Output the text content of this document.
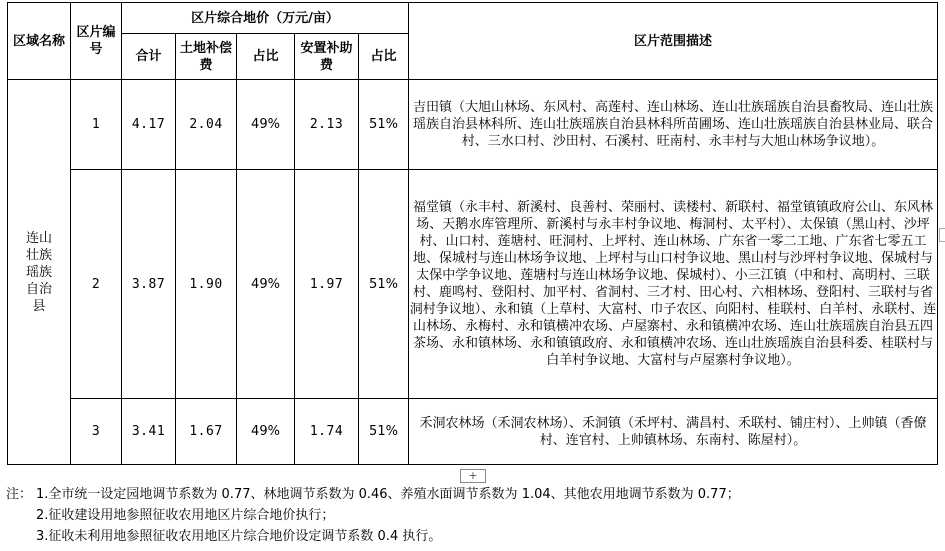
区域名称	区片编号	区片综合地价（万元/亩）					区片范围描述
		合计	土地补偿费	占比	安置补助费	占比	
连山壮族瑶族自治县	1	4.17	2.04	49%	2.13	51%	吉田镇（大旭山林场、东风村、高莲村、连山林场、连山壮族瑶族自治县畜牧局、连山壮族瑶族自治县林科所、连山壮族瑶族自治县林科所苗圃场、连山壮族瑶族自治县林业局、联合村、三水口村、沙田村、石溪村、旺南村、永丰村与大旭山林场争议地）。
	2	3.87	1.90	49%	1.97	51%	福堂镇（永丰村、新溪村、良善村、荣丽村、读楼村、新联村、福堂镇镇政府公山、东风林场、天鹅水库管理所、新溪村与永丰村争议地、梅洞村、太平村）、太保镇（黑山村、沙坪村、山口村、莲塘村、旺洞村、上坪村、连山林场、广东省一零二工地、广东省七零五工地、保城村与连山林场争议地、上坪村与山口村争议地、黑山村与沙坪村争议地、保城村与太保中学争议地、莲塘村与连山林场争议地、保城村）、小三江镇（中和村、高明村、三联村、鹿鸣村、登阳村、加平村、省洞村、三才村、田心村、六相林场、登阳村、三联村与省洞村争议地）、永和镇（上草村、大富村、巾子农区、向阳村、桂联村、白羊村、永联村、连山林场、永梅村、永和镇横冲农场、卢屋寨村、永和镇横冲农场、连山壮族瑶族自治县五四茶场、永和镇林场、永和镇镇政府、永和镇横冲农场、连山壮族瑶族自治县科委、桂联村与白羊村争议地、大富村与卢屋寨村争议地）。
	3	3.41	1.67	49%	1.74	51%	禾洞农林场（禾洞农林场）、禾洞镇（禾坪村、满昌村、禾联村、铺庄村）、上帅镇（香僚村、连官村、上帅镇林场、东南村、陈屋村）。
+
注： 1.全市统一设定园地调节系数为 0.77、林地调节系数为 0.46、养殖水面调节系数为 1.04、其他农用地调节系数为 0.77；
2.征收建设用地参照征收农用地区片综合地价执行；
3.征收未利用地参照征收农用地区片综合地价设定调节系数 0.4 执行。
